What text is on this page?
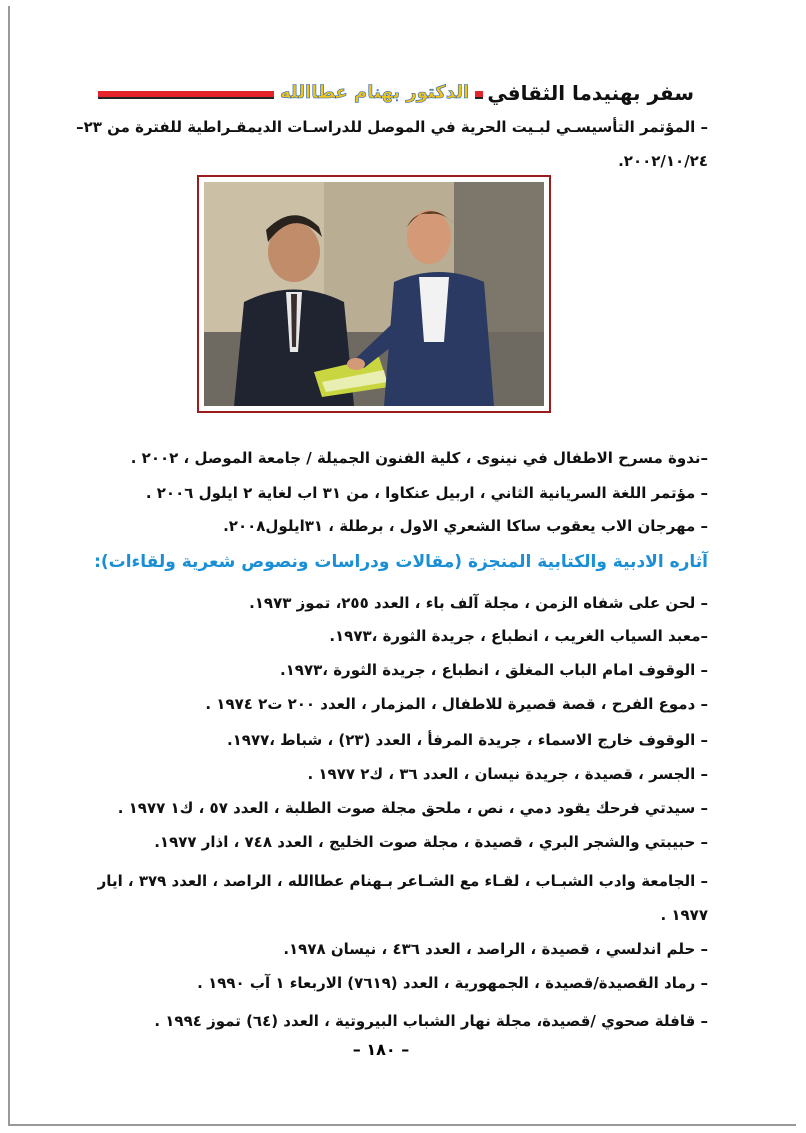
سفر بهنيدما الثقافي
الدكتور بهنام عطاالله
– المؤتمر التأسيسـي لبـيت الحرية في الموصل للدراسـات الديمقـراطية للفترة من ٢٣–
٢٠٠٢/١٠/٢٤.
–ندوة مسرح الاطفال في نينوى ، كلية الفنون الجميلة / جامعة الموصل ، ٢٠٠٢ .
– مؤتمر اللغة السريانية الثاني ، اربيل عنكاوا ، من ٣١ اب لغاية ٢ ايلول ٢٠٠٦ .
– مهرجان الاب يعقوب ساكا الشعري الاول ، برطلة ، ٣١ايلول٢٠٠٨.
آثاره الادبية والكتابية المنجزة (مقالات ودراسات ونصوص شعرية ولقاءات):
– لحن على شفاه الزمن ، مجلة آلف باء ، العدد ٢٥٥، تموز ١٩٧٣.
–معبد السياب الغريب ، انطباع ، جريدة الثورة ،١٩٧٣.
– الوقوف امام الباب المغلق ، انطباع ، جريدة الثورة ،١٩٧٣.
– دموع الفرح ، قصة قصيرة للاطفال ، المزمار ، العدد ٢٠٠ ت٢ ١٩٧٤ .
– الوقوف خارج الاسماء ، جريدة المرفأ ، العدد (٢٣) ، شباط ،١٩٧٧.
– الجسر ، قصيدة ، جريدة نيسان ، العدد ٣٦ ، ك٢ ١٩٧٧ .
– سيدتي فرحك يقود دمي ، نص ، ملحق مجلة صوت الطلبة ، العدد ٥٧ ، ك١ ١٩٧٧ .
– حبيبتي والشجر البري ، قصيدة ، مجلة صوت الخليج ، العدد ٧٤٨ ، اذار ١٩٧٧.
– الجامعة وادب الشبـاب ، لقـاء مع الشـاعر بـهنام عطاالله ، الراصد ، العدد ٣٧٩ ، ايار
١٩٧٧ .
– حلم اندلسي ، قصيدة ، الراصد ، العدد ٤٣٦ ، نيسان ١٩٧٨.
– رماد القصيدة/قصيدة ، الجمهورية ، العدد (٧٦١٩) الاربعاء ١ آب ١٩٩٠ .
– قافلة صحوي /قصيدة، مجلة نهار الشباب البيروتية ، العدد (٦٤) تموز ١٩٩٤ .
– ١٨٠ –
